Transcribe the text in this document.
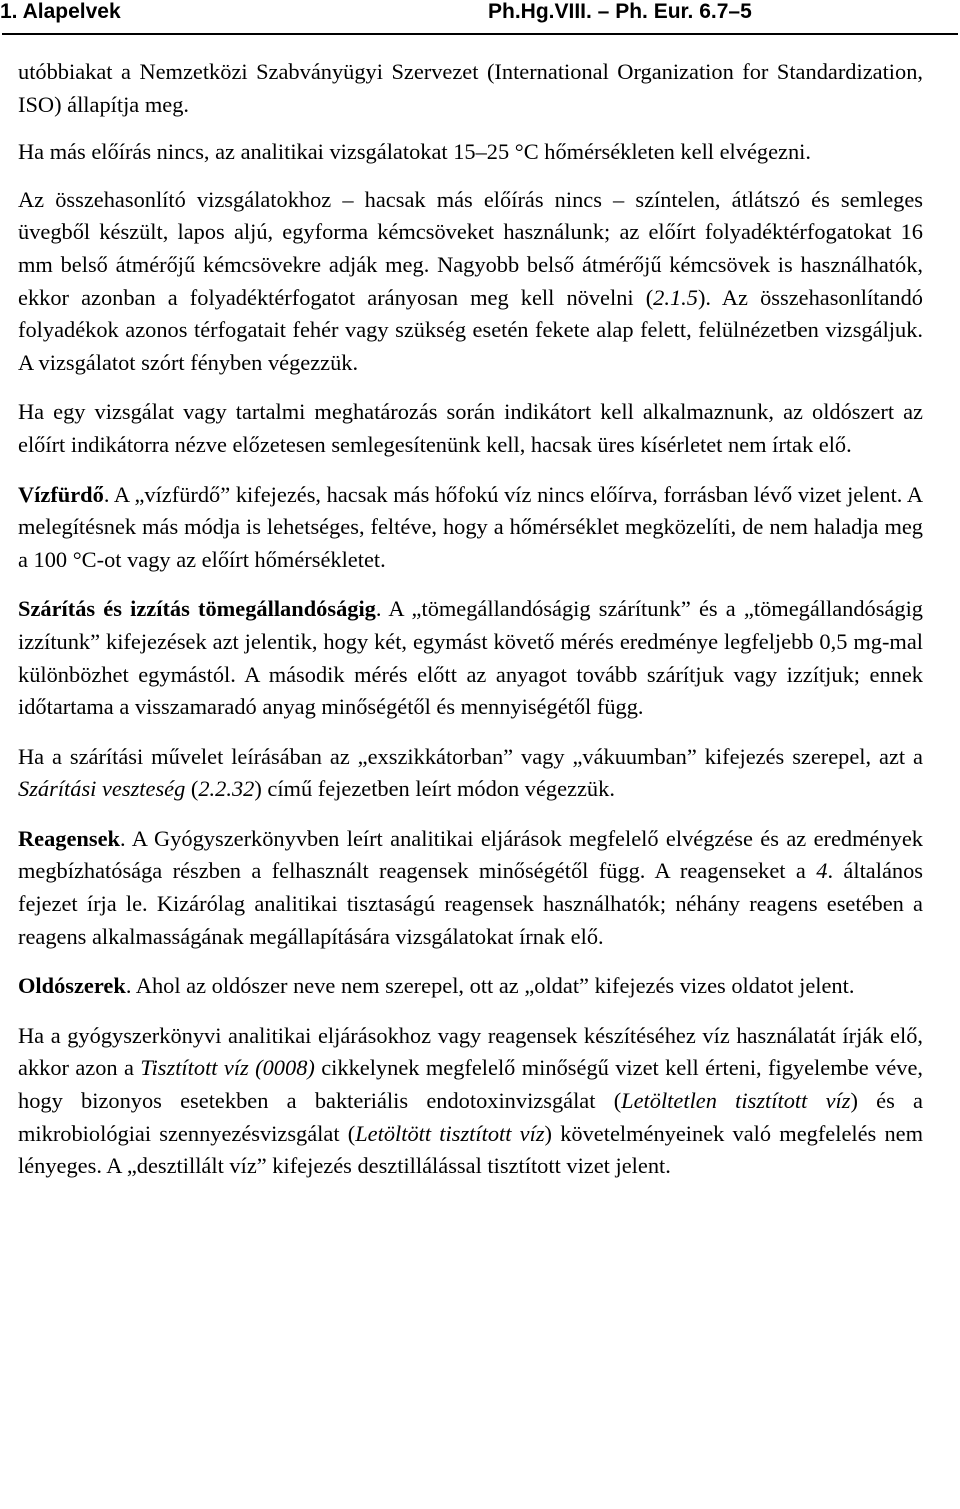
1. Alapelvek	Ph.Hg.VIII. – Ph. Eur. 6.7–5

utóbbiakat a Nemzetközi Szabványügyi Szervezet (International Organization for Standardization, ISO) állapítja meg.

Ha más előírás nincs, az analitikai vizsgálatokat 15–25 °C hőmérsékleten kell elvégezni.

Az összehasonlító vizsgálatokhoz – hacsak más előírás nincs – színtelen, átlátszó és semleges üvegből készült, lapos aljú, egyforma kémcsöveket használunk; az előírt folyadéktérfogatokat 16 mm belső átmérőjű kémcsövekre adják meg. Nagyobb belső átmérőjű kémcsövek is használhatók, ekkor azonban a folyadéktérfogatot arányosan meg kell növelni (2.1.5). Az összehasonlítandó folyadékok azonos térfogatait fehér vagy szükség esetén fekete alap felett, felülnézetben vizsgáljuk. A vizsgálatot szórt fényben végezzük.

Ha egy vizsgálat vagy tartalmi meghatározás során indikátort kell alkalmaznunk, az oldószert az előírt indikátorra nézve előzetesen semlegesítenünk kell, hacsak üres kísérletet nem írtak elő.

Vízfürdő. A „vízfürdő” kifejezés, hacsak más hőfokú víz nincs előírva, forrásban lévő vizet jelent. A melegítésnek más módja is lehetséges, feltéve, hogy a hőmérséklet megközelíti, de nem haladja meg a 100 °C-ot vagy az előírt hőmérsékletet.

Szárítás és izzítás tömegállandóságig. A „tömegállandóságig szárítunk” és a „tömegállandóságig izzítunk” kifejezések azt jelentik, hogy két, egymást követő mérés eredménye legfeljebb 0,5 mg-mal különbözhet egymástól. A második mérés előtt az anyagot tovább szárítjuk vagy izzítjuk; ennek időtartama a visszamaradó anyag minőségétől és mennyiségétől függ.

Ha a szárítási művelet leírásában az „exszikkátorban” vagy „vákuumban” kifejezés szerepel, azt a Szárítási veszteség (2.2.32) című fejezetben leírt módon végezzük.

Reagensek. A Gyógyszerkönyvben leírt analitikai eljárások megfelelő elvégzése és az eredmények megbízhatósága részben a felhasznált reagensek minőségétől függ. A reagenseket a 4. általános fejezet írja le. Kizárólag analitikai tisztaságú reagensek használhatók; néhány reagens esetében a reagens alkalmasságának megállapítására vizsgálatokat írnak elő.

Oldószerek. Ahol az oldószer neve nem szerepel, ott az „oldat” kifejezés vizes oldatot jelent.

Ha a gyógyszerkönyvi analitikai eljárásokhoz vagy reagensek készítéséhez víz használatát írják elő, akkor azon a Tisztított víz (0008) cikkelynek megfelelő minőségű vizet kell érteni, figyelembe véve, hogy bizonyos esetekben a bakteriális endotoxinvizsgálat (Letöltetlen tisztított víz) és a mikrobiológiai szennyezésvizsgálat (Letöltött tisztított víz) követelményeinek való megfelelés nem lényeges. A „desztillált víz” kifejezés desztillálással tisztított vizet jelent.
